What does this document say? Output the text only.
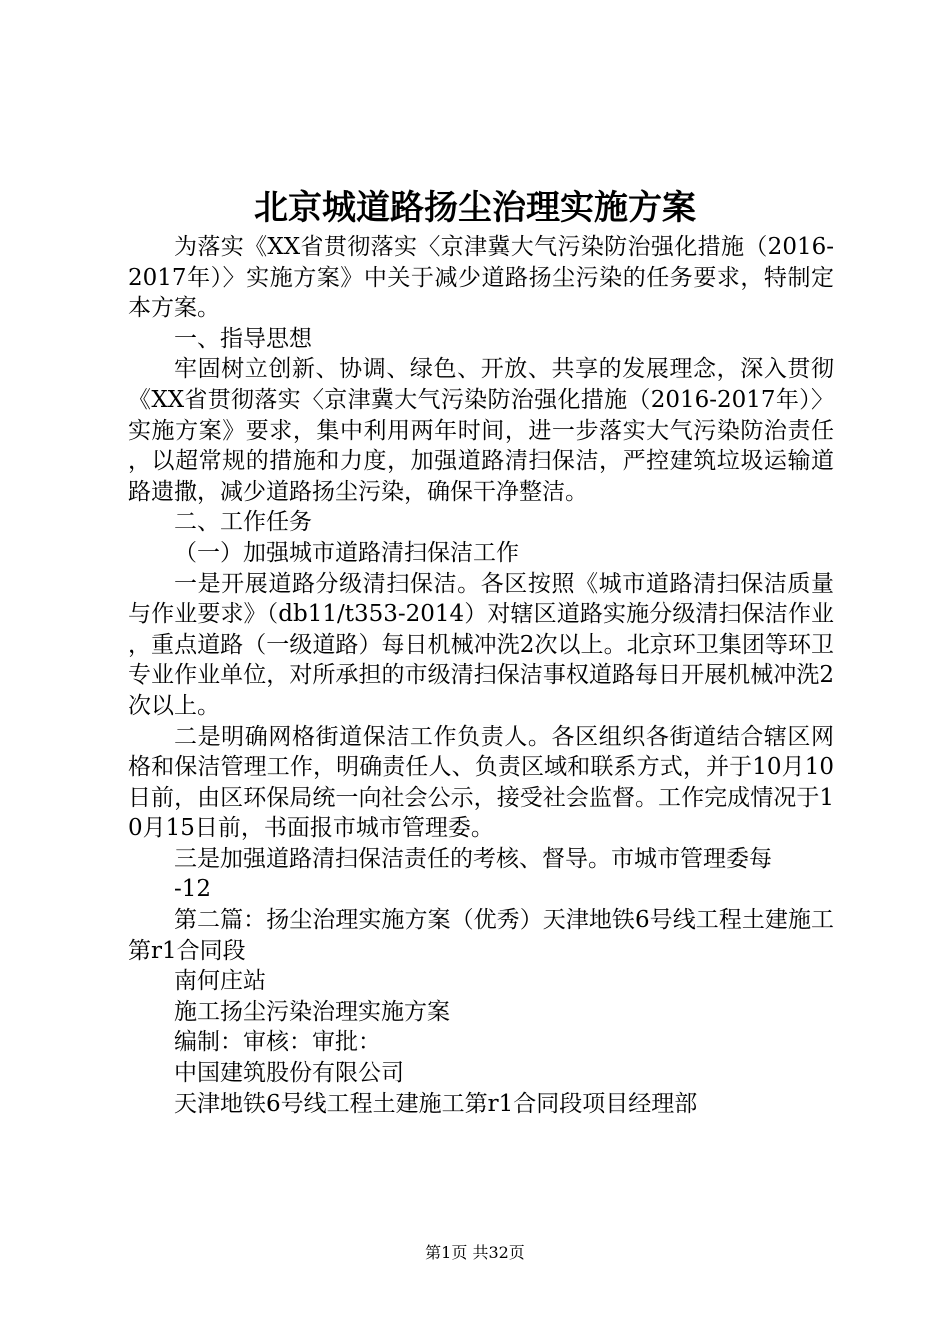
北京城道路扬尘治理实施方案

为落实《XX省贯彻落实〈京津冀大气污染防治强化措施（2016-2017年）〉实施方案》中关于减少道路扬尘污染的任务要求，特制定本方案。

一、指导思想

牢固树立创新、协调、绿色、开放、共享的发展理念，深入贯彻《XX省贯彻落实〈京津冀大气污染防治强化措施（2016-2017年）〉实施方案》要求，集中利用两年时间，进一步落实大气污染防治责任，以超常规的措施和力度，加强道路清扫保洁，严控建筑垃圾运输道路遗撒，减少道路扬尘污染，确保干净整洁。

二、工作任务

（一）加强城市道路清扫保洁工作

一是开展道路分级清扫保洁。各区按照《城市道路清扫保洁质量与作业要求》（db11/t353-2014）对辖区道路实施分级清扫保洁作业，重点道路（一级道路）每日机械冲洗2次以上。北京环卫集团等环卫专业作业单位，对所承担的市级清扫保洁事权道路每日开展机械冲洗2次以上。

二是明确网格街道保洁工作负责人。各区组织各街道结合辖区网格和保洁管理工作，明确责任人、负责区域和联系方式，并于10月10日前，由区环保局统一向社会公示，接受社会监督。工作完成情况于10月15日前，书面报市城市管理委。

三是加强道路清扫保洁责任的考核、督导。市城市管理委每

-12

第二篇：扬尘治理实施方案（优秀）天津地铁6号线工程土建施工第r1合同段

南何庄站

施工扬尘污染治理实施方案

编制：审核：审批：

中国建筑股份有限公司

天津地铁6号线工程土建施工第r1合同段项目经理部

第1页 共32页
